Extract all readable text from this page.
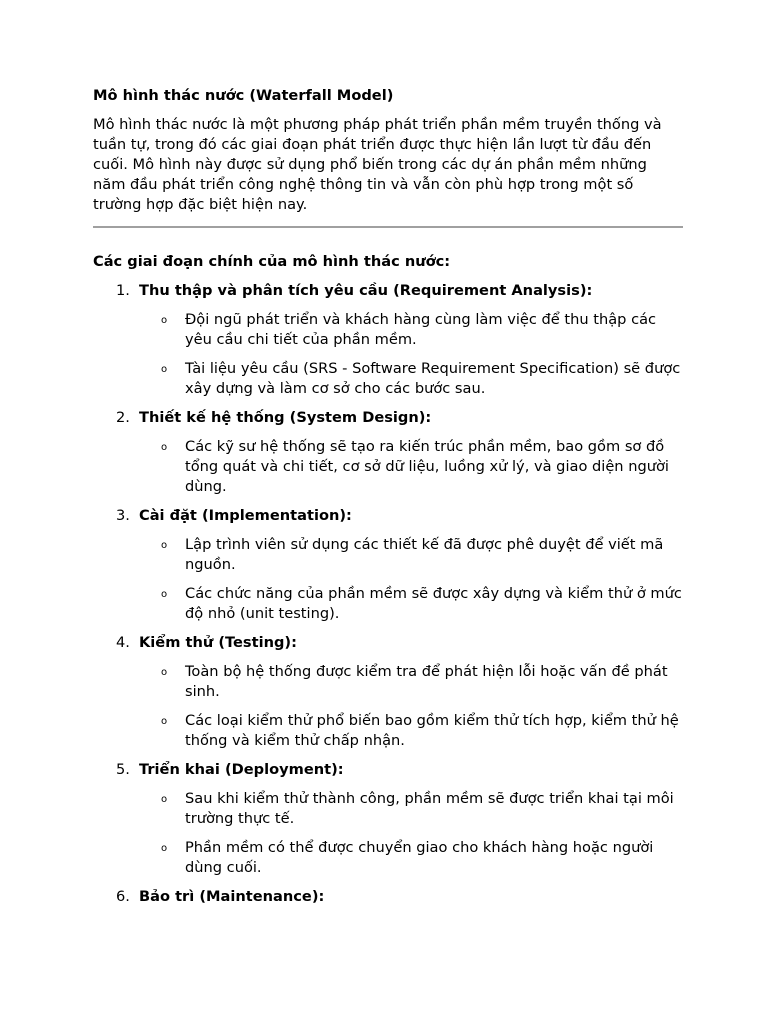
Mô hình thác nước (Waterfall Model)

Mô hình thác nước là một phương pháp phát triển phần mềm truyền thống và tuần tự, trong đó các giai đoạn phát triển được thực hiện lần lượt từ đầu đến cuối. Mô hình này được sử dụng phổ biến trong các dự án phần mềm những năm đầu phát triển công nghệ thông tin và vẫn còn phù hợp trong một số trường hợp đặc biệt hiện nay.

Các giai đoạn chính của mô hình thác nước:

1. Thu thập và phân tích yêu cầu (Requirement Analysis):
o Đội ngũ phát triển và khách hàng cùng làm việc để thu thập các yêu cầu chi tiết của phần mềm.
o Tài liệu yêu cầu (SRS - Software Requirement Specification) sẽ được xây dựng và làm cơ sở cho các bước sau.
2. Thiết kế hệ thống (System Design):
o Các kỹ sư hệ thống sẽ tạo ra kiến trúc phần mềm, bao gồm sơ đồ tổng quát và chi tiết, cơ sở dữ liệu, luồng xử lý, và giao diện người dùng.
3. Cài đặt (Implementation):
o Lập trình viên sử dụng các thiết kế đã được phê duyệt để viết mã nguồn.
o Các chức năng của phần mềm sẽ được xây dựng và kiểm thử ở mức độ nhỏ (unit testing).
4. Kiểm thử (Testing):
o Toàn bộ hệ thống được kiểm tra để phát hiện lỗi hoặc vấn đề phát sinh.
o Các loại kiểm thử phổ biến bao gồm kiểm thử tích hợp, kiểm thử hệ thống và kiểm thử chấp nhận.
5. Triển khai (Deployment):
o Sau khi kiểm thử thành công, phần mềm sẽ được triển khai tại môi trường thực tế.
o Phần mềm có thể được chuyển giao cho khách hàng hoặc người dùng cuối.
6. Bảo trì (Maintenance):
